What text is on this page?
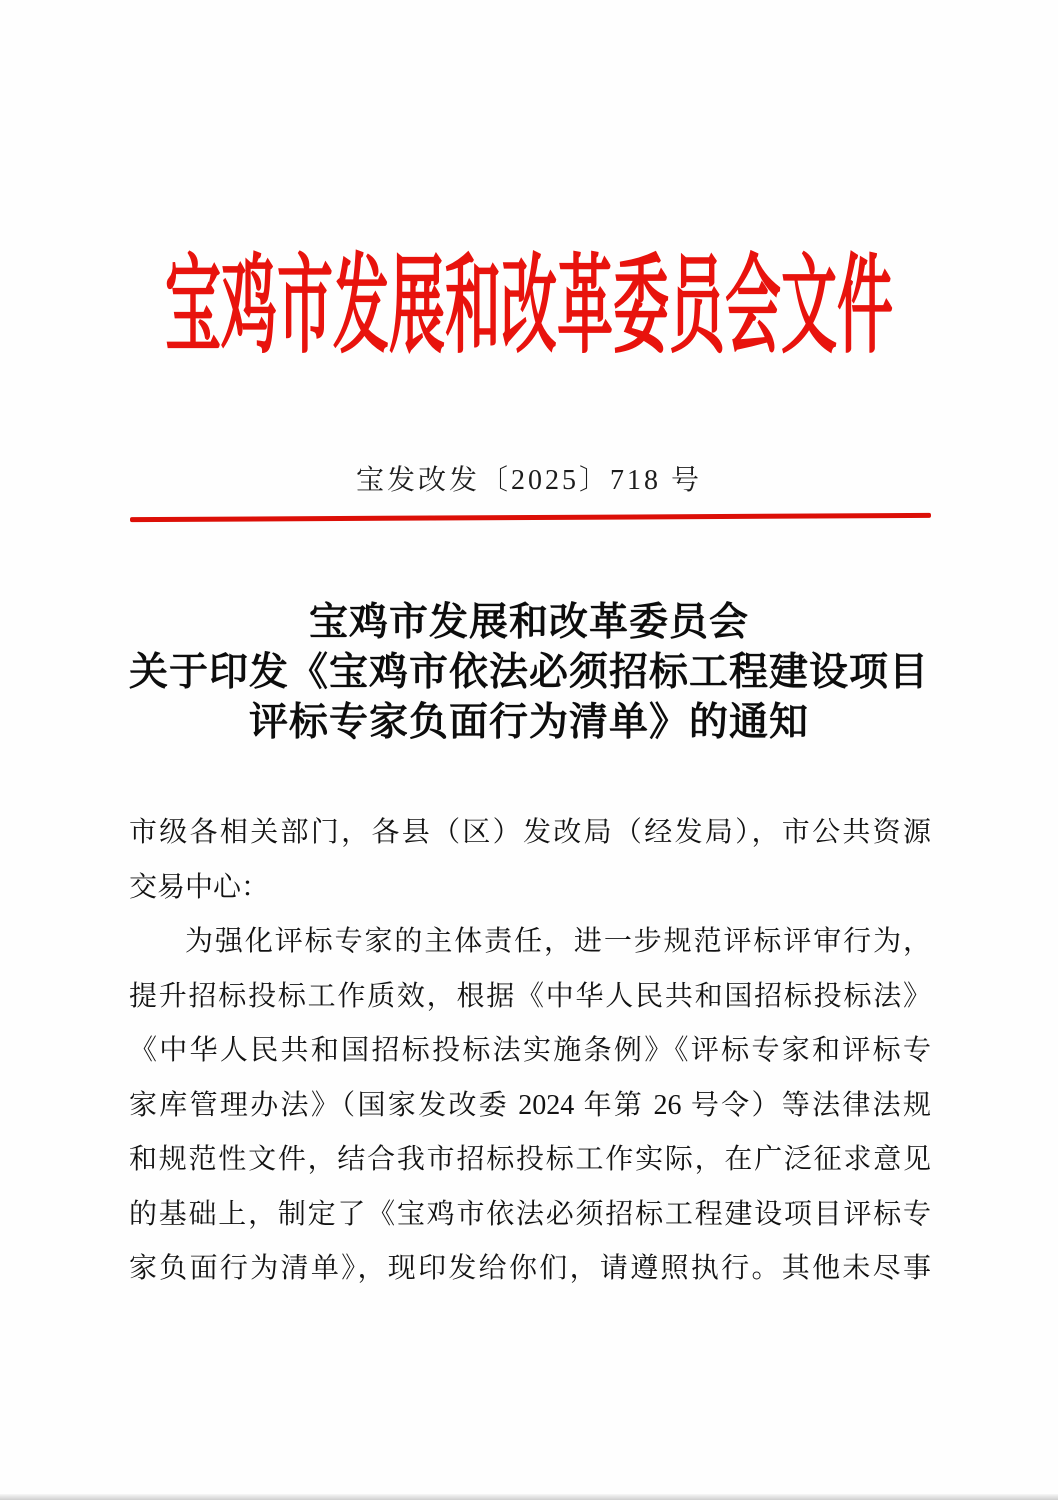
宝鸡市发展和改革委员会文件
宝发改发〔2025〕718 号
宝鸡市发展和改革委员会
关于印发《宝鸡市依法必须招标工程建设项目
评标专家负面行为清单》的通知
市级各相关部门，各县（区）发改局（经发局），市公共资源
交易中心：
为强化评标专家的主体责任，进一步规范评标评审行为，
提升招标投标工作质效，根据《中华人民共和国招标投标法》
《中华人民共和国招标投标法实施条例》《评标专家和评标专
家库管理办法》（国家发改委 2024 年第 26 号令）等法律法规
和规范性文件，结合我市招标投标工作实际，在广泛征求意见
的基础上，制定了《宝鸡市依法必须招标工程建设项目评标专
家负面行为清单》，现印发给你们，请遵照执行。其他未尽事
